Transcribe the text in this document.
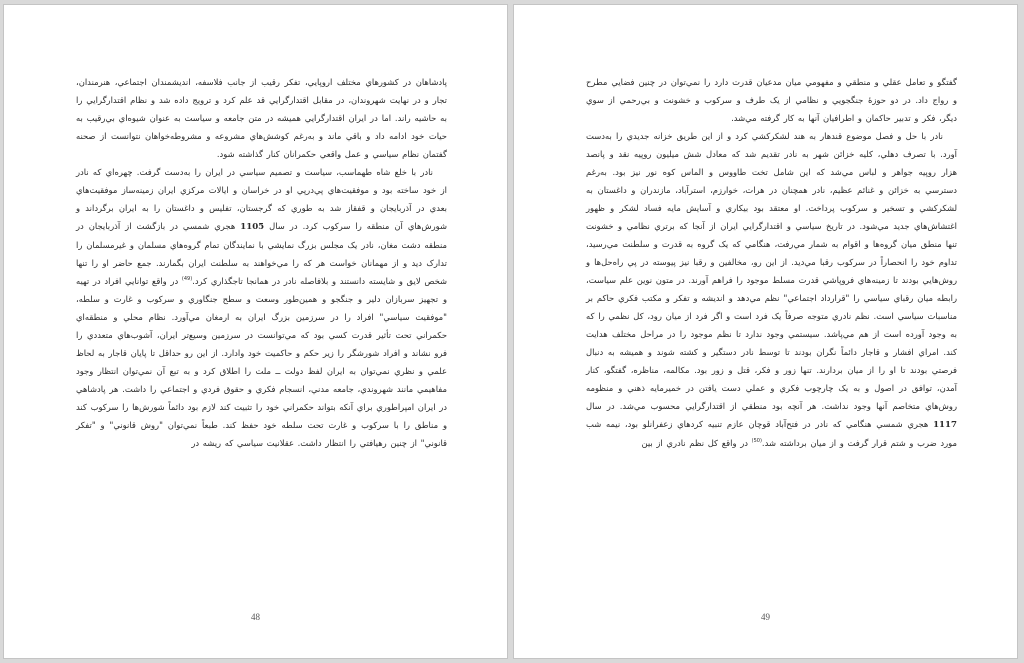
پادشاهان در کشورهاي مختلف اروپايي، تفکر رقيب از جانب فلاسفه، انديشمندان اجتماعي، هنرمندان، تجار و در نهايت شهروندان، در مقابل اقتدارگرايي قد علم کرد و ترويج داده شد و نظام اقتدارگرايي را به حاشيه راند. اما در ايران اقتدارگرايي هميشه در متن جامعه و سياست به عنوان شيوه‌اي بي‌رقيب به حيات خود ادامه داد و باقي ماند و به‌رغم کوشش‌هاي مشروعه و مشروطه‌خواهان نتوانست از صحنه گفتمان نظام سياسي و عمل واقعي حکمرانان کنار گذاشته شود.

نادر با خلع شاه طهماسب، سياست و تصميم سياسي در ايران را به‌دست گرفت. چهره‌اي که نادر از خود ساخته بود و موفقيت‌هاي پي‌درپي او در خراسان و ايالات مرکزي ايران زمينه‌ساز موفقيت‌هاي بعدي در آذربايجان و قفقاز شد به طوري که گرجستان، تفليس و داغستان را به ايران برگرداند و شورش‌هاي آن منطقه را سرکوب کرد. در سال 1105 هجري شمسي در بازگشت از آذربايجان در منطقه دشت مغان، نادر يک مجلس بزرگ نمايشي با نمايندگان تمام گروه‌هاي مسلمان و غيرمسلمان را تدارک ديد و از مهمانان خواست هر که را مي‌خواهند به سلطنت ايران بگمارند. جمع حاضر او را تنها شخص لايق و شايسته دانستند و بلافاصله نادر در همانجا تاجگذاري کرد.$^{(49)}$ در واقع توانايي افراد در تهيه و تجهيز سربازان دلير و جنگجو و همين‌طور وسعت و سطح جنگاوري و سرکوب و غارت و سلطه، "موفقيت سياسي" افراد را در سرزمين بزرگ ايران به ارمغان مي‌آورد. نظام محلي و منطقه‌اي حکمراني تحت تأثير قدرت کسي بود که مي‌توانست در سرزمين وسيع‌تر ايران، آشوب‌هاي متعددي را فرو نشاند و افراد شورشگر را زير حکم و حاکميت خود وادارد. از اين رو حداقل تا پايان قاجار به لحاظ علمي و نظري نمي‌توان به ايران لفظ دولت ــ ملت را اطلاق کرد و به تبع آن نمي‌توان انتظار وجود مفاهيمي مانند شهروندي، جامعه مدني، انسجام فکري و حقوق فردي و اجتماعي را داشت. هر پادشاهي در ايران امپراطوري براي آنکه بتواند حکمراني خود را تثبيت کند لازم بود دائماً شورش‌ها را سرکوب کند و مناطق را با سرکوب و غارت تحت سلطه خود حفظ کند. طبعاً نمي‌توان "روش قانوني" و "تفکر قانوني" از چنين رهيافتي را انتظار داشت. عقلانيت سياسي که ريشه در

48

گفتگو و تعامل عقلي و منطقي و مفهومي ميان مدعيان قدرت دارد را نمي‌توان در چنين فضايي مطرح و رواج داد. در دو حوزهٔ جنگجويي و نظامي از يک طرف و سرکوب و خشونت و بي‌رحمي از سوي ديگر، فکر و تدبير حاکمان و اطرافيان آنها به کار گرفته مي‌شد.

نادر با حل و فصل موضوع قندهار به هند لشکرکشي کرد و از اين طريق خزانه جديدي را به‌دست آورد. با تصرف دهلي، کليه خزائن شهر به نادر تقديم شد که معادل شش ميليون روپيه نقد و پانصد هزار روپيه جواهر و لباس مي‌شد که اين شامل تخت طاووس و الماس کوه نور نيز بود. به‌رغم دسترسي به خزائن و غنائم عظيم، نادر همچنان در هرات، خوارزم، استرآباد، مازندران و داغستان به لشکرکشي و تسخير و سرکوب پرداخت. او معتقد بود بيکاري و آسايش مايه فساد لشکر و ظهور اغتشاش‌هاي جديد مي‌شود. در تاريخ سياسي و اقتدارگرايي ايران از آنجا که برتري نظامي و خشونت تنها منطق ميان گروه‌ها و اقوام به شمار مي‌رفت، هنگامي که يک گروه به قدرت و سلطنت مي‌رسيد، تداوم خود را انحصاراً در سرکوب رقبا مي‌ديد. از اين رو، مخالفين و رقبا نيز پيوسته در پي راه‌حل‌ها و روش‌هايي بودند تا زمينه‌هاي فروپاشي قدرت مسلط موجود را فراهم آورند. در متون نوين علم سياست، رابطه ميان رقباي سياسي را "قرارداد اجتماعي" نظم مي‌دهد و انديشه و تفکر و مکتب فکري حاکم بر مناسبات سياسي است. نظم نادري متوجه صرفاً يک فرد است و اگر فرد از ميان رود، کل نظمي را که به وجود آورده است از هم مي‌پاشد. سيستمي وجود ندارد تا نظم موجود را در مراحل مختلف هدايت کند. امراي افشار و قاجار دائماً نگران بودند تا توسط نادر دستگير و کشته شوند و هميشه به دنبال فرصتي بودند تا او را از ميان بردارند. تنها زور و فکر، قتل و زور بود. مکالمه، مناظره، گفتگو، کنار آمدن، توافق در اصول و به يک چارچوب فکري و عملي دست يافتن در خميرمايه ذهني و منظومه روش‌هاي متخاصم آنها وجود نداشت. هر آنچه بود منطقي از اقتدارگرايي محسوب مي‌شد. در سال 1117 هجري شمسي هنگامي که نادر در فتح‌آباد قوچان عازم تنبيه کردهاي زعفرانلو بود، نيمه شب مورد ضرب و شتم قرار گرفت و از ميان برداشته شد.$^{(50)}$ در واقع کل نظم نادري از بين

49
